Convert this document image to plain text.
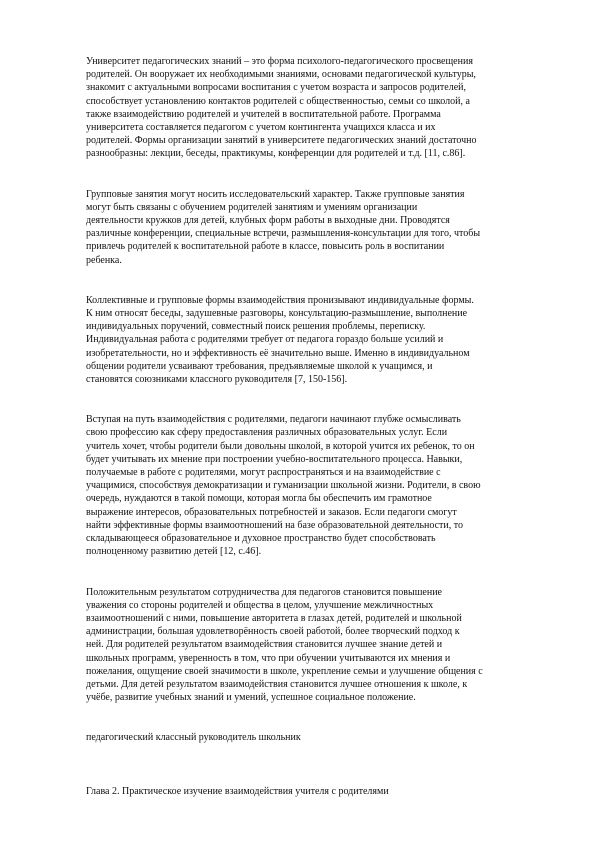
Университет педагогических знаний – это форма психолого-педагогического просвещения
родителей. Он вооружает их необходимыми знаниями, основами педагогической культуры,
знакомит с актуальными вопросами воспитания с учетом возраста и запросов родителей,
способствует установлению контактов родителей с общественностью, семьи со школой, а
также взаимодействию родителей и учителей в воспитательной работе. Программа
университета составляется педагогом с учетом контингента учащихся класса и их
родителей. Формы организации занятий в университете педагогических знаний достаточно
разнообразны: лекции, беседы, практикумы, конференции для родителей и т.д. [11, с.86].
Групповые занятия могут носить исследовательский характер. Также групповые занятия
могут быть связаны с обучением родителей занятиям и умениям организации
деятельности кружков для детей, клубных форм работы в выходные дни. Проводятся
различные конференции, специальные встречи, размышления-консультации для того, чтобы
привлечь родителей к воспитательной работе в классе, повысить роль в воспитании
ребенка.
Коллективные и групповые формы взаимодействия пронизывают индивидуальные формы.
К ним относят беседы, задушевные разговоры, консультацию-размышление, выполнение
индивидуальных поручений, совместный поиск решения проблемы, переписку.
Индивидуальная работа с родителями требует от педагога гораздо больше усилий и
изобретательности, но и эффективность её значительно выше. Именно в индивидуальном
общении родители усваивают требования, предъявляемые школой к учащимся, и
становятся союзниками классного руководителя [7, 150-156].
Вступая на путь взаимодействия с родителями, педагоги начинают глубже осмысливать
свою профессию как сферу предоставления различных образовательных услуг. Если
учитель хочет, чтобы родители были довольны школой, в которой учится их ребенок, то он
будет учитывать их мнение при построении учебно-воспитательного процесса. Навыки,
получаемые в работе с родителями, могут распространяться и на взаимодействие с
учащимися, способствуя демократизации и гуманизации школьной жизни. Родители, в свою
очередь, нуждаются в такой помощи, которая могла бы обеспечить им грамотное
выражение интересов, образовательных потребностей и заказов. Если педагоги смогут
найти эффективные формы взаимоотношений на базе образовательной деятельности, то
складывающееся образовательное и духовное пространство будет способствовать
полноценному развитию детей [12, с.46].
Положительным результатом сотрудничества для педагогов становится повышение
уважения со стороны родителей и общества в целом, улучшение межличностных
взаимоотношений с ними, повышение авторитета в глазах детей, родителей и школьной
администрации, большая удовлетворённость своей работой, более творческий подход к
ней. Для родителей результатом взаимодействия становится лучшее знание детей и
школьных программ, уверенность в том, что при обучении учитываются их мнения и
пожелания, ощущение своей значимости в школе, укрепление семьи и улучшение общения с
детьми. Для детей результатом взаимодействия становится лучшее отношения к школе, к
учёбе, развитие учебных знаний и умений, успешное социальное положение.
педагогический классный руководитель школьник
Глава 2. Практическое изучение взаимодействия учителя с родителями
